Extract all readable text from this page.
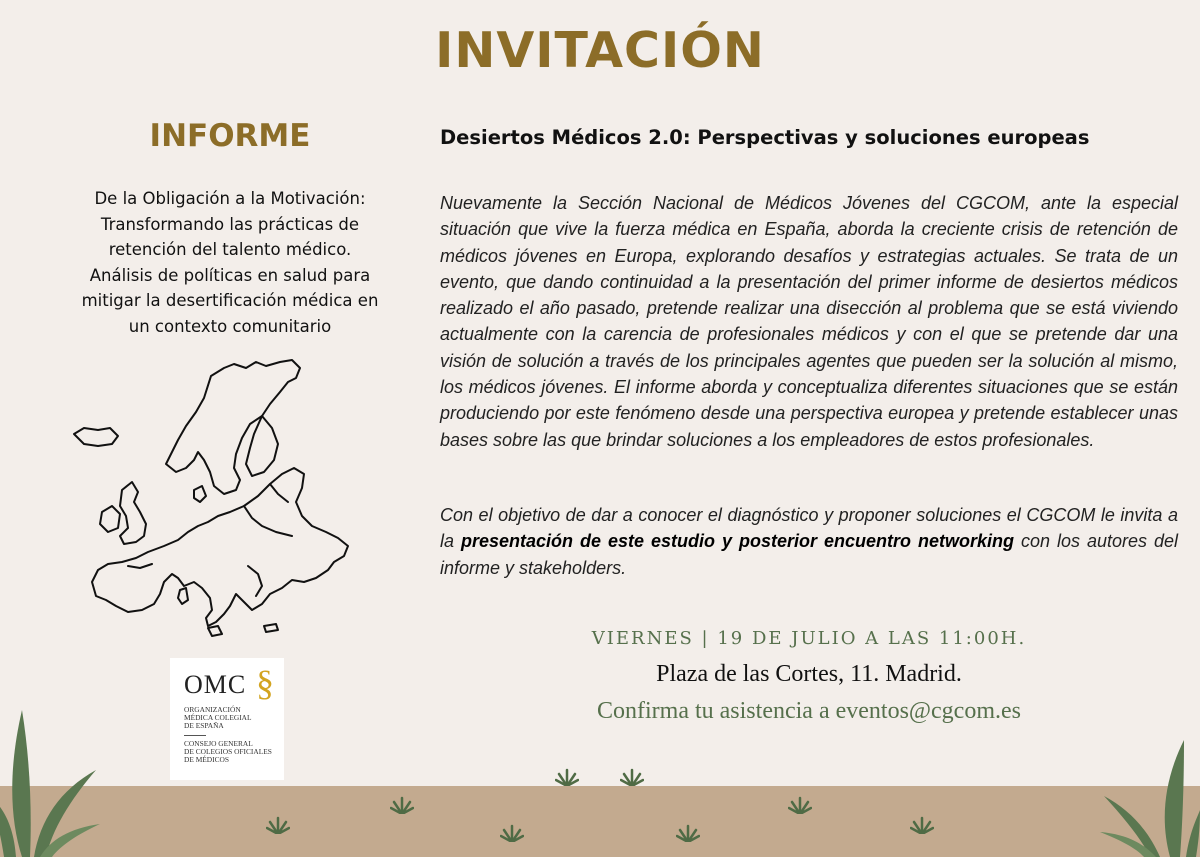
INVITACIÓN
INFORME

De la Obligación a la Motivación:
Transformando las prácticas de
retención del talento médico.
Análisis de políticas en salud para
mitigar la desertificación médica en
un contexto comunitario

Desiertos Médicos 2.0: Perspectivas y soluciones europeas

Nuevamente la Sección Nacional de Médicos Jóvenes del CGCOM, ante la especial situación que vive la fuerza médica en España, aborda la creciente crisis de retención de médicos jóvenes en Europa, explorando desafíos y estrategias actuales. Se trata de un evento, que dando continuidad a la presentación del primer informe de desiertos médicos realizado el año pasado, pretende realizar una disección al problema que se está viviendo actualmente con la carencia de profesionales médicos y con el que se pretende dar una visión de solución a través de los principales agentes que pueden ser la solución al mismo, los médicos jóvenes. El informe aborda y conceptualiza diferentes situaciones que se están produciendo por este fenómeno desde una perspectiva europea y pretende establecer unas bases sobre las que brindar soluciones a los empleadores de estos profesionales.

Con el objetivo de dar a conocer el diagnóstico y proponer soluciones el CGCOM le invita a la presentación de este estudio y posterior encuentro networking con los autores del informe y stakeholders.

VIERNES | 19 DE JULIO A LAS 11:00H.

Plaza de las Cortes, 11. Madrid.

Confirma tu asistencia a eventos@cgcom.es

OMC §
ORGANIZACIÓN
MÉDICA COLEGIAL
DE ESPAÑA
CONSEJO GENERAL
DE COLEGIOS OFICIALES
DE MÉDICOS
